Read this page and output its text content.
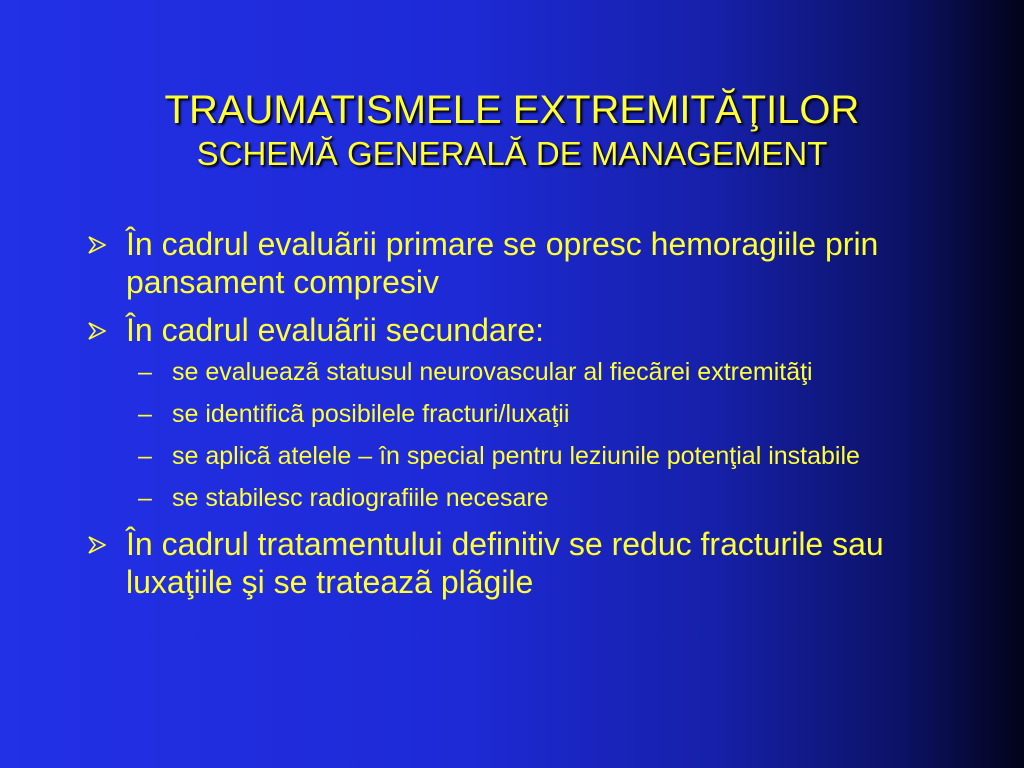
TRAUMATISMELE EXTREMITĂŢILOR
SCHEMĂ GENERALĂ DE MANAGEMENT
În cadrul evaluãrii primare se opresc hemoragiile prin pansament compresiv
În cadrul evaluãrii secundare:
– se evalueazã statusul neurovascular al fiecãrei extremitãţi
– se identificã posibilele fracturi/luxaţii
– se aplicã atelele – în special pentru leziunile potenţial instabile
– se stabilesc radiografiile necesare
În cadrul tratamentului definitiv se reduc fracturile sau luxaţiile şi se trateazã plãgile
